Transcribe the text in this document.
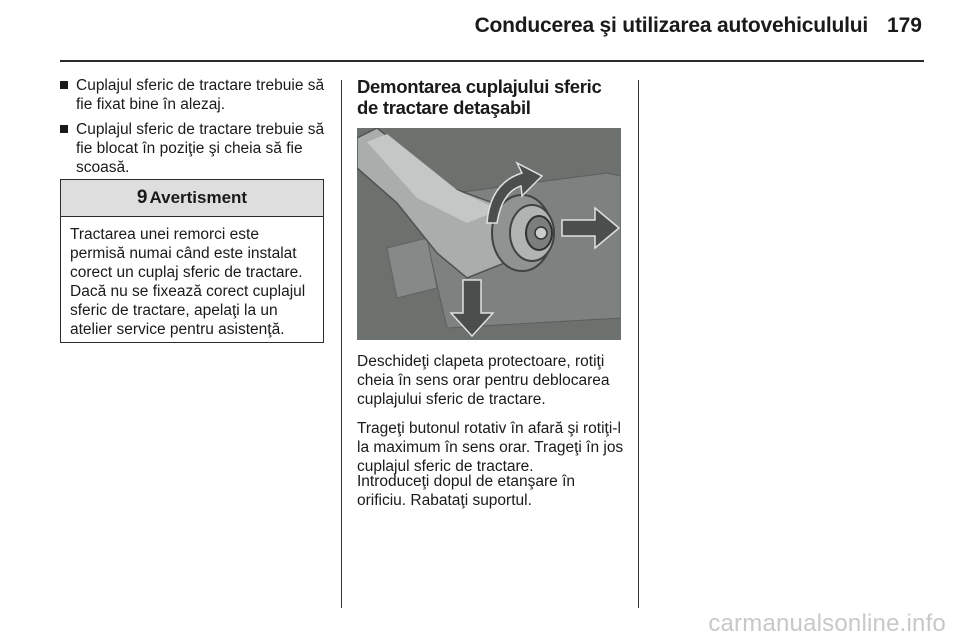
Conducerea şi utilizarea autovehiculului 179
Cuplajul sferic de tractare trebuie să fie fixat bine în alezaj.
Cuplajul sferic de tractare trebuie să fie blocat în poziţie şi cheia să fie scoasă.
9 Avertisment
Tractarea unei remorci este permisă numai când este instalat corect un cuplaj sferic de tractare. Dacă nu se fixează corect cuplajul sferic de tractare, apelaţi la un atelier service pentru asistenţă.
Demontarea cuplajului sferic de tractare detaşabil

Deschideţi clapeta protectoare, rotiţi cheia în sens orar pentru deblocarea cuplajului sferic de tractare.

Trageţi butonul rotativ în afară şi rotiţi-l la maximum în sens orar. Trageţi în jos cuplajul sferic de tractare.

Introduceţi dopul de etanşare în orificiu. Rabataţi suportul.

carmanualsonline.info
